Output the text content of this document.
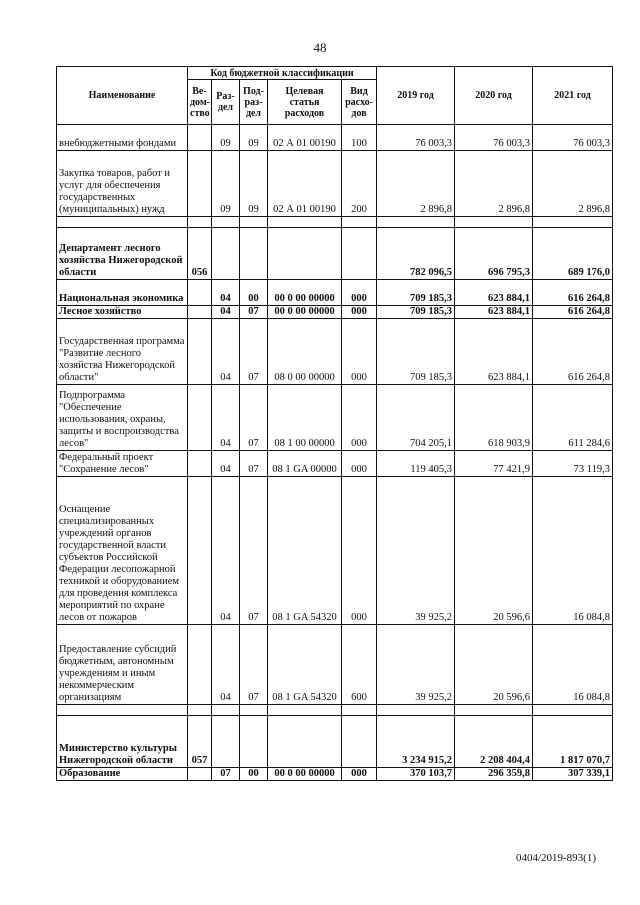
48
Наименование	Код бюджетной классификации					2019 год	2020 год	2021 год
	Ве-дом-ство	Раз-дел	Под-раз-дел	Целевая статья расходов	Вид расхо-дов			
внебюджетными фондами		09	09	02 А 01 00190	100	76 003,3	76 003,3	76 003,3
Закупка товаров, работ и услуг для обеспечения государственных (муниципальных) нужд		09	09	02 А 01 00190	200	2 896,8	2 896,8	2 896,8

Департамент лесного хозяйства Нижегородской области	056					782 096,5	696 795,3	689 176,0
Национальная экономика		04	00	00 0 00 00000	000	709 185,3	623 884,1	616 264,8
Лесное хозяйство		04	07	00 0 00 00000	000	709 185,3	623 884,1	616 264,8
Государственная программа "Развитие лесного хозяйства Нижегородской области"		04	07	08 0 00 00000	000	709 185,3	623 884,1	616 264,8
Подпрограмма "Обеспечение использования, охраны, защиты и воспроизводства лесов"		04	07	08 1 00 00000	000	704 205,1	618 903,9	611 284,6
Федеральный проект "Сохранение лесов"		04	07	08 1 GA 00000	000	119 405,3	77 421,9	73 119,3
Оснащение специализированных учреждений органов государственной власти субъектов Российской Федерации лесопожарной техникой и оборудованием для проведения комплекса мероприятий по охране лесов от пожаров		04	07	08 1 GA 54320	000	39 925,2	20 596,6	16 084,8
Предоставление субсидий бюджетным, автономным учреждениям и иным некоммерческим организациям		04	07	08 1 GA 54320	600	39 925,2	20 596,6	16 084,8

Министерство культуры Нижегородской области	057					3 234 915,2	2 208 404,4	1 817 070,7
Образование		07	00	00 0 00 00000	000	370 103,7	296 359,8	307 339,1
0404/2019-893(1)
